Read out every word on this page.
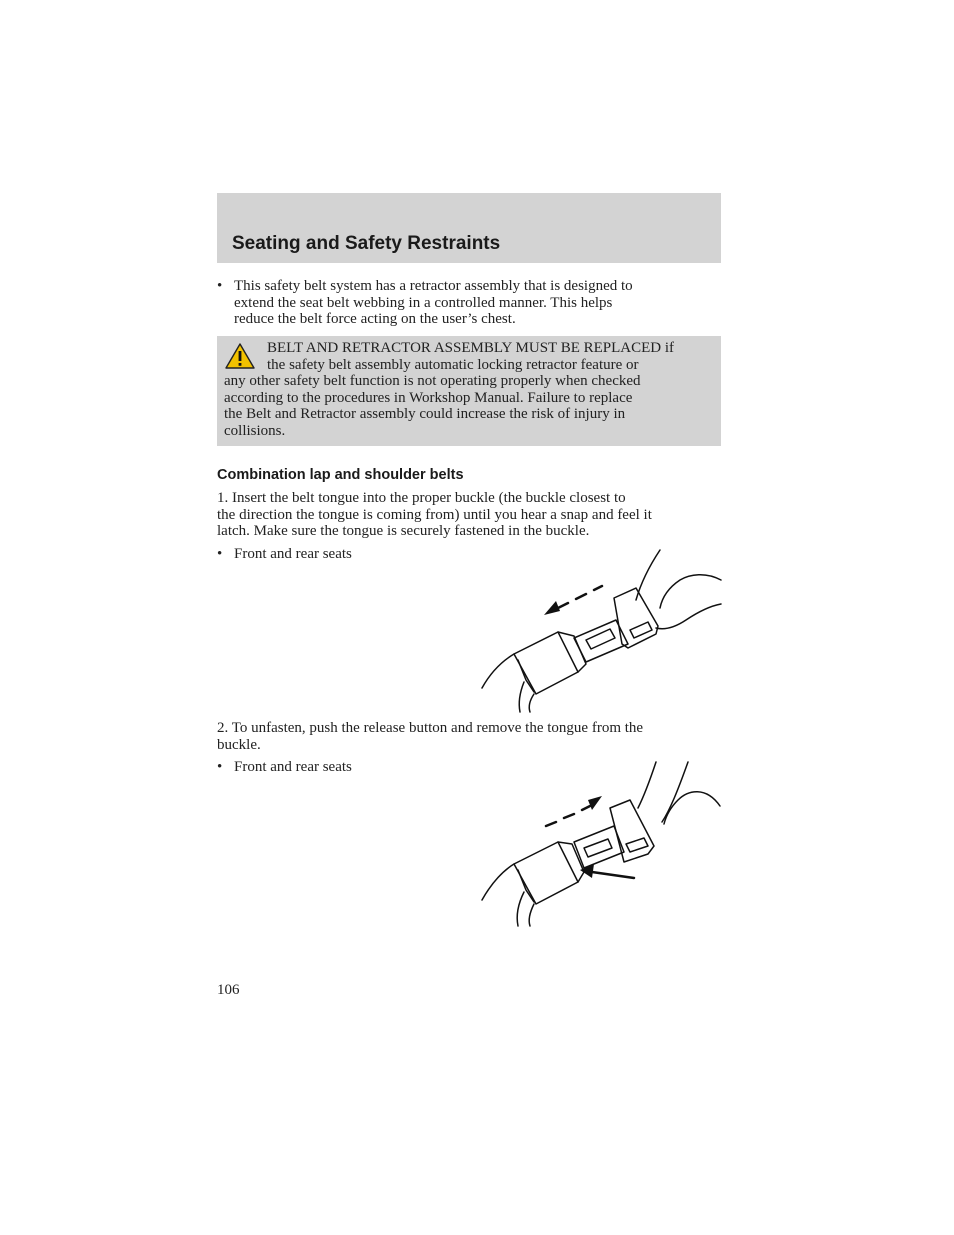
Seating and Safety Restraints
• This safety belt system has a retractor assembly that is designed to
extend the seat belt webbing in a controlled manner. This helps
reduce the belt force acting on the user’s chest.
BELT AND RETRACTOR ASSEMBLY MUST BE REPLACED if
the safety belt assembly automatic locking retractor feature or
any other safety belt function is not operating properly when checked
according to the procedures in Workshop Manual. Failure to replace
the Belt and Retractor assembly could increase the risk of injury in
collisions.
Combination lap and shoulder belts
1. Insert the belt tongue into the proper buckle (the buckle closest to
the direction the tongue is coming from) until you hear a snap and feel it
latch. Make sure the tongue is securely fastened in the buckle.
• Front and rear seats
2. To unfasten, push the release button and remove the tongue from the
buckle.
• Front and rear seats
106
